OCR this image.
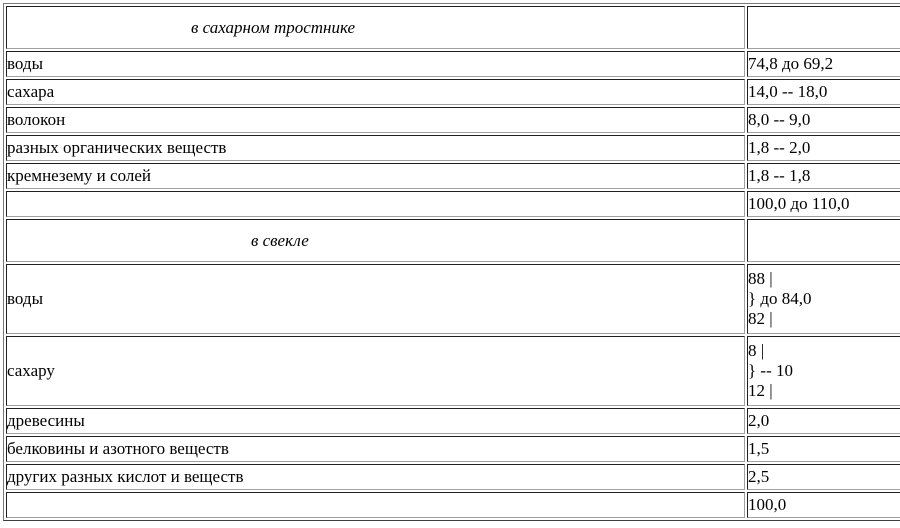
в сахарном тростнике	
воды	74,8 до 69,2
сахара	14,0 -- 18,0
волокон	8,0 -- 9,0
разных органических веществ	1,8 -- 2,0
кремнезему и солей	1,8 -- 1,8
	100,0 до 110,0
в свекле	
воды	88 |
} до 84,0
82 |

сахару	8 |
} -- 10
12 |

древесины	2,0
белковины и азотного веществ	1,5
других разных кислот и веществ	2,5
	100,0
